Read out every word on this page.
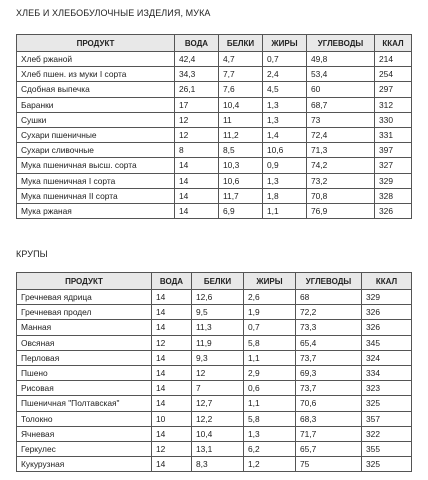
ХЛЕБ И ХЛЕБОБУЛОЧНЫЕ ИЗДЕЛИЯ, МУКА
ПРОДУКТ	ВОДА	БЕЛКИ	ЖИРЫ	УГЛЕВОДЫ	ККАЛ
Хлеб ржаной	42,4	4,7	0,7	49,8	214
Хлеб пшен. из муки I сорта	34,3	7,7	2,4	53,4	254
Сдобная выпечка	26,1	7,6	4,5	60	297
Баранки	17	10,4	1,3	68,7	312
Сушки	12	11	1,3	73	330
Сухари пшеничные	12	11,2	1,4	72,4	331
Сухари сливочные	8	8,5	10,6	71,3	397
Мука пшеничная высш. сорта	14	10,3	0,9	74,2	327
Мука пшеничная I сорта	14	10,6	1,3	73,2	329
Мука пшеничная II сорта	14	11,7	1,8	70,8	328
Мука ржаная	14	6,9	1,1	76,9	326
КРУПЫ
ПРОДУКТ	ВОДА	БЕЛКИ	ЖИРЫ	УГЛЕВОДЫ	ККАЛ
Гречневая ядрица	14	12,6	2,6	68	329
Гречневая продел	14	9,5	1,9	72,2	326
Манная	14	11,3	0,7	73,3	326
Овсяная	12	11,9	5,8	65,4	345
Перловая	14	9,3	1,1	73,7	324
Пшено	14	12	2,9	69,3	334
Рисовая	14	7	0,6	73,7	323
Пшеничная "Полтавская"	14	12,7	1,1	70,6	325
Толокно	10	12,2	5,8	68,3	357
Ячневая	14	10,4	1,3	71,7	322
Геркулес	12	13,1	6,2	65,7	355
Кукурузная	14	8,3	1,2	75	325
